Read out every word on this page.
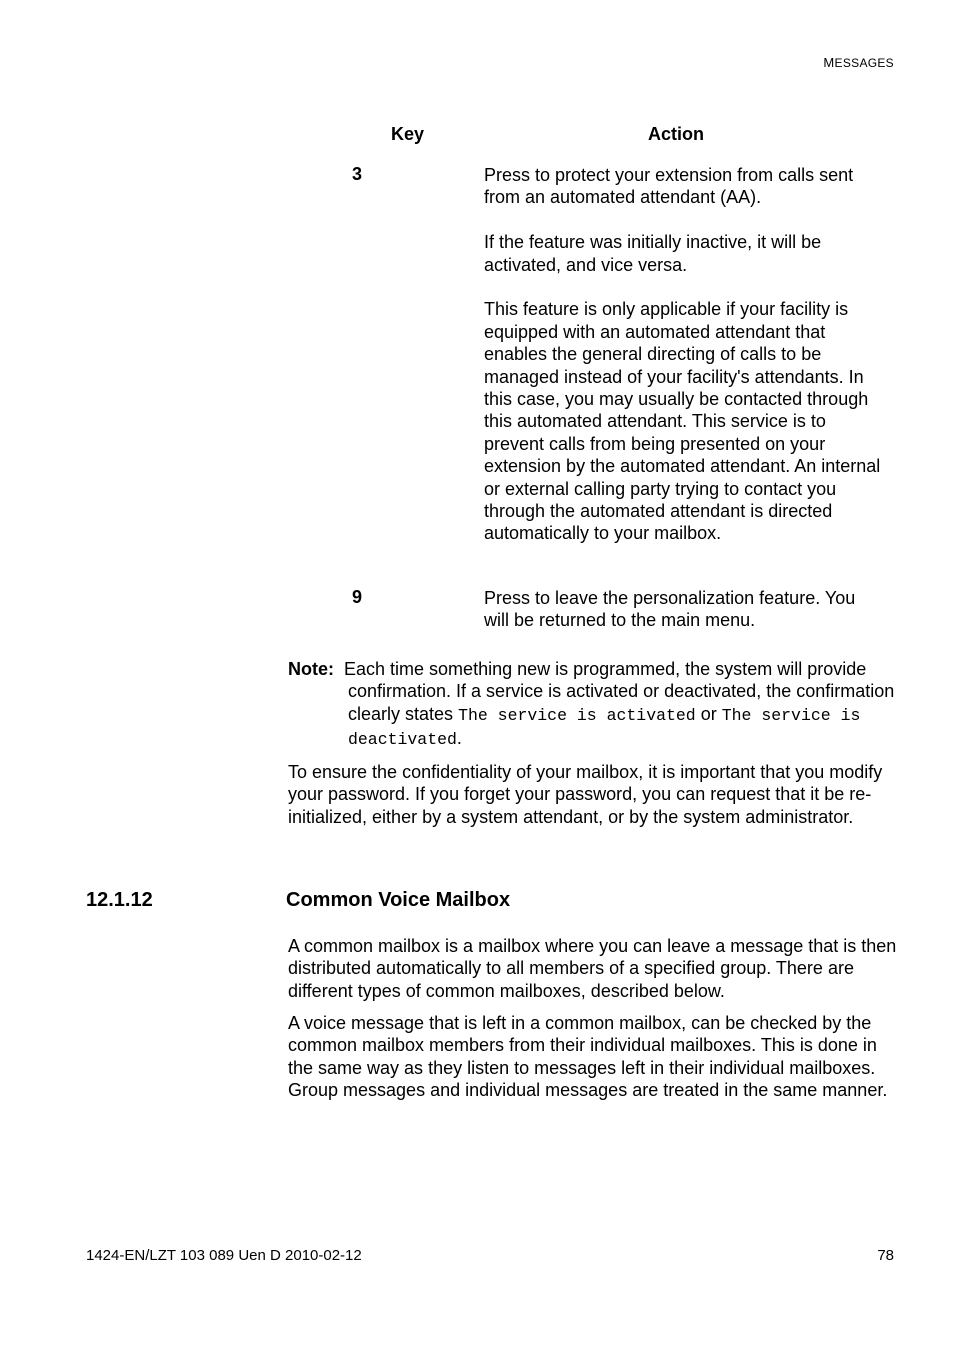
MESSAGES
Key	Action
3	Press to protect your extension from calls sent from an automated attendant (AA).

If the feature was initially inactive, it will be activated, and vice versa.

This feature is only applicable if your facility is equipped with an automated attendant that enables the general directing of calls to be managed instead of your facility's attendants. In this case, you may usually be contacted through this automated attendant. This service is to prevent calls from being presented on your extension by the automated attendant. An internal or external calling party trying to contact you through the automated attendant is directed automatically to your mailbox.

9	Press to leave the personalization feature. You will be returned to the main menu.

Note: Each time something new is programmed, the system will provide
confirmation. If a service is activated or deactivated, the confirmation clearly states The service is activated or The service is deactivated.

To ensure the confidentiality of your mailbox, it is important that you modify your password. If you forget your password, you can request that it be re-initialized, either by a system attendant, or by the system administrator.

12.1.12	Common Voice Mailbox

A common mailbox is a mailbox where you can leave a message that is then distributed automatically to all members of a specified group. There are different types of common mailboxes, described below.

A voice message that is left in a common mailbox, can be checked by the common mailbox members from their individual mailboxes. This is done in the same way as they listen to messages left in their individual mailboxes. Group messages and individual messages are treated in the same manner.

1424-EN/LZT 103 089 Uen D 2010-02-12	78
